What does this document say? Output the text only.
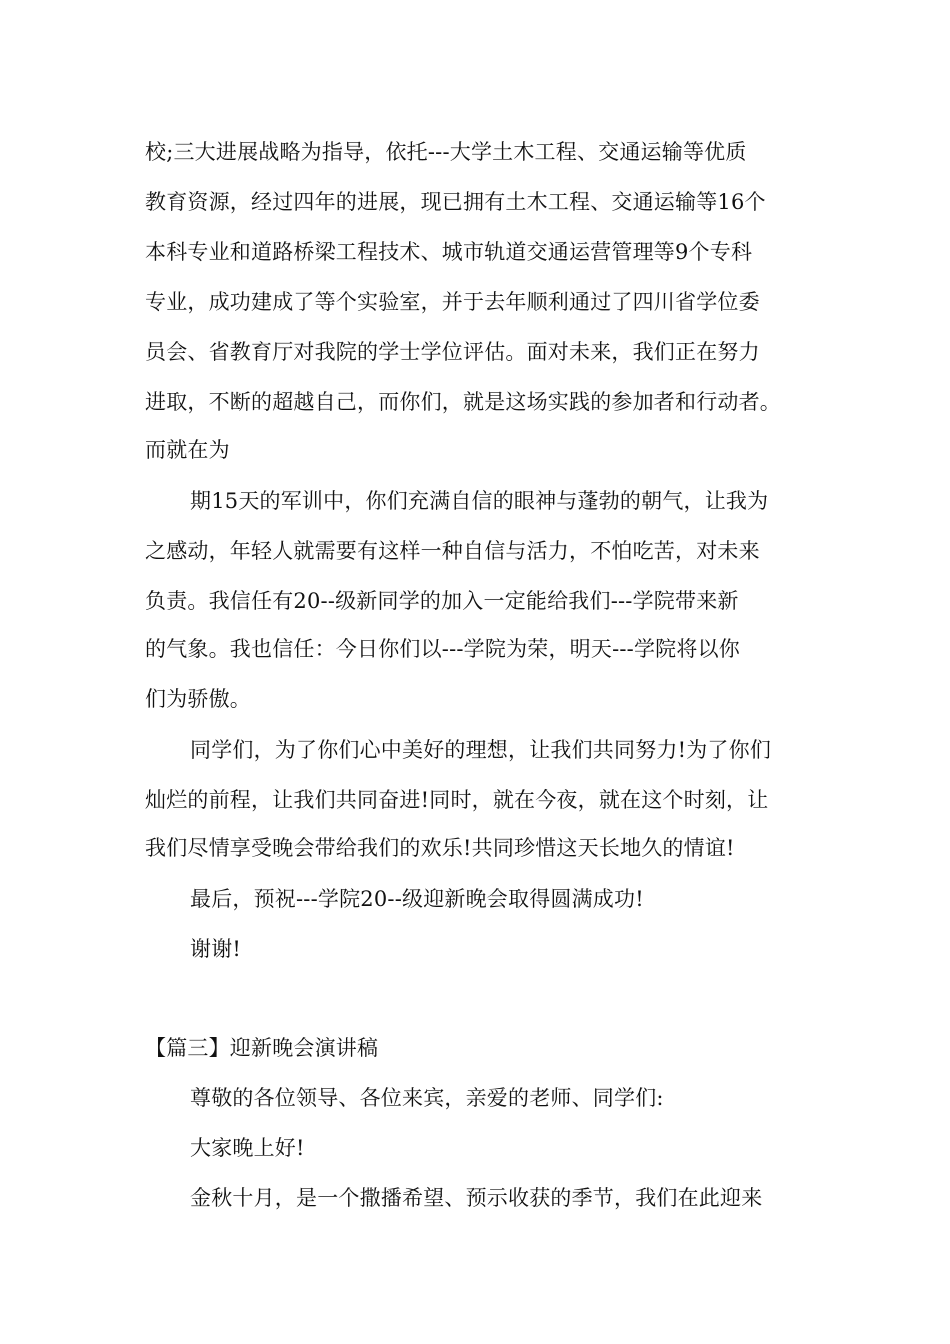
校;三大进展战略为指导，依托---大学土木工程、交通运输等优质

教育资源，经过四年的进展，现已拥有土木工程、交通运输等16个

本科专业和道路桥梁工程技术、城市轨道交通运营管理等9个专科

专业，成功建成了等个实验室，并于去年顺利通过了四川省学位委

员会、省教育厅对我院的学士学位评估。面对未来，我们正在努力

进取，不断的超越自己，而你们，就是这场实践的参加者和行动者。

而就在为

期15天的军训中，你们充满自信的眼神与蓬勃的朝气，让我为

之感动，年轻人就需要有这样一种自信与活力，不怕吃苦，对未来

负责。我信任有20--级新同学的加入一定能给我们---学院带来新

的气象。我也信任：今日你们以---学院为荣，明天---学院将以你

们为骄傲。

同学们，为了你们心中美好的理想，让我们共同努力!为了你们

灿烂的前程，让我们共同奋进!同时，就在今夜，就在这个时刻，让

我们尽情享受晚会带给我们的欢乐!共同珍惜这天长地久的情谊!

最后，预祝---学院20--级迎新晚会取得圆满成功!

谢谢!

【篇三】迎新晚会演讲稿

尊敬的各位领导、各位来宾，亲爱的老师、同学们:

大家晚上好!

金秋十月，是一个撒播希望、预示收获的季节，我们在此迎来
